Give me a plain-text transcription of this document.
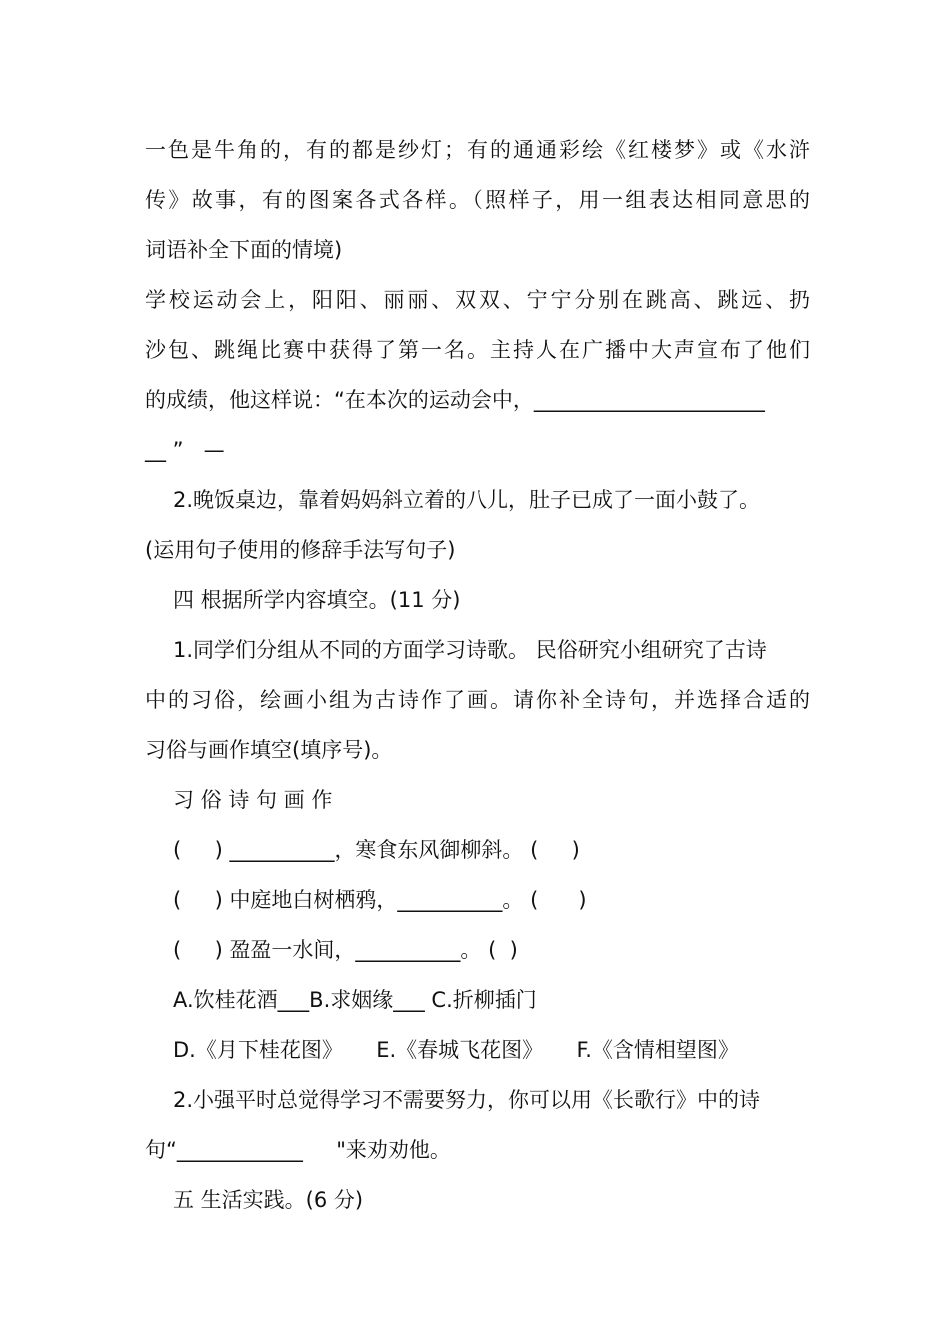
一色是牛角的，有的都是纱灯；有的通通彩绘《红楼梦》或《水浒
传》故事，有的图案各式各样。（照样子，用一组表达相同意思的
词语补全下面的情境)
学校运动会上，阳阳、丽丽、双双、宁宁分别在跳高、跳远、扔
沙包、跳绳比赛中获得了第一名。主持人在广播中大声宣布了他们
的成绩，他这样说：“在本次的运动会中，______________________
__ ”   —
2.晚饭桌边，靠着妈妈斜立着的八儿，肚子已成了一面小鼓了。
(运用句子使用的修辞手法写句子)
四 根据所学内容填空。(11 分)
1.同学们分组从不同的方面学习诗歌。 民俗研究小组研究了古诗
中的习俗，绘画小组为古诗作了画。请你补全诗句，并选择合适的
习俗与画作填空(填序号)。
习 俗 诗 句 画 作
(     ) __________，寒食东风御柳斜。 (     )
(     ) 中庭地白树栖鸦，__________。 (      )
(     ) 盈盈一水间，__________。 (  )
A.饮桂花酒___B.求姻缘___ C.折柳插门
D.《月下桂花图》     E.《春城飞花图》     F.《含情相望图》
2.小强平时总觉得学习不需要努力，你可以用《长歌行》中的诗
句“____________     "来劝劝他。
五 生活实践。(6 分)
